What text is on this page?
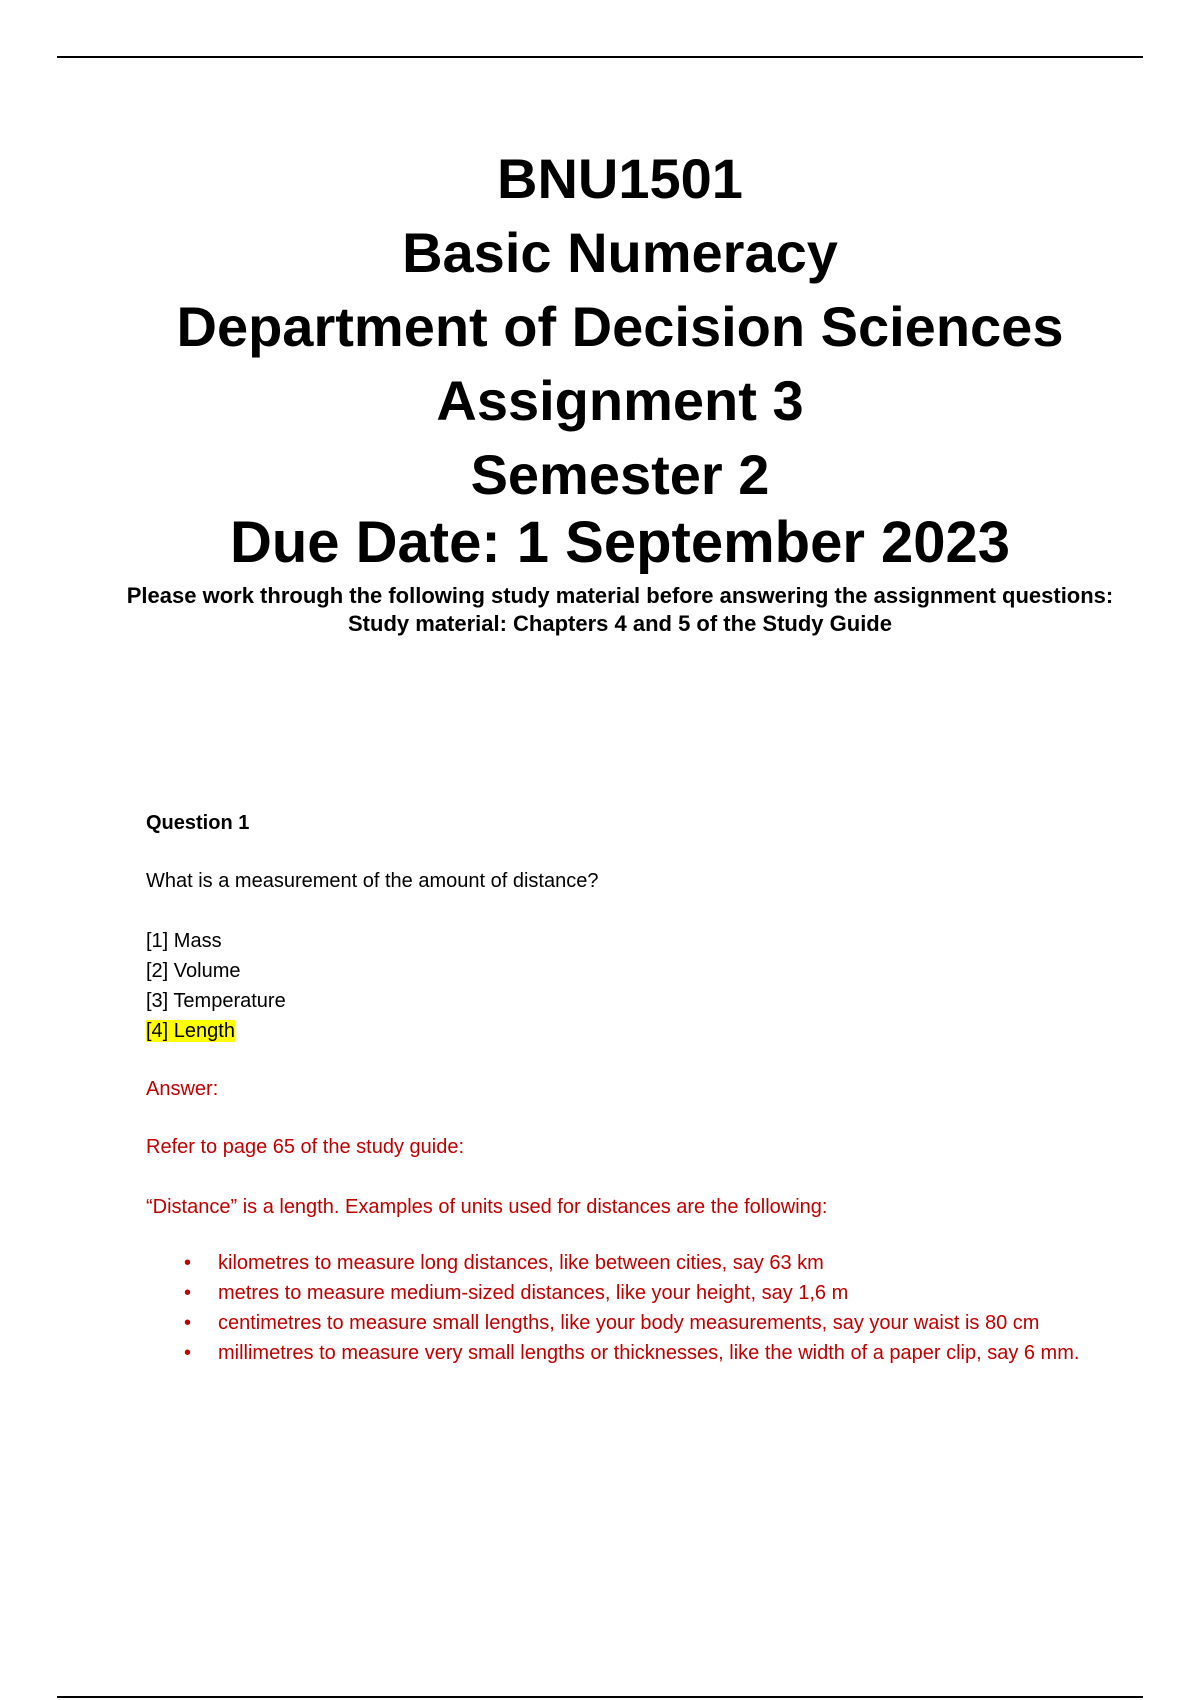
BNU1501

Basic Numeracy

Department of Decision Sciences

Assignment 3

Semester 2

Due Date: 1 September 2023

Please work through the following study material before answering the assignment questions:

Study material: Chapters 4 and 5 of the Study Guide

Question 1

What is a measurement of the amount of distance?

[1] Mass
[2] Volume
[3] Temperature
[4] Length

Answer:

Refer to page 65 of the study guide:

“Distance” is a length. Examples of units used for distances are the following:

• kilometres to measure long distances, like between cities, say 63 km
• metres to measure medium-sized distances, like your height, say 1,6 m
• centimetres to measure small lengths, like your body measurements, say your waist is 80 cm
• millimetres to measure very small lengths or thicknesses, like the width of a paper clip, say 6 mm.
